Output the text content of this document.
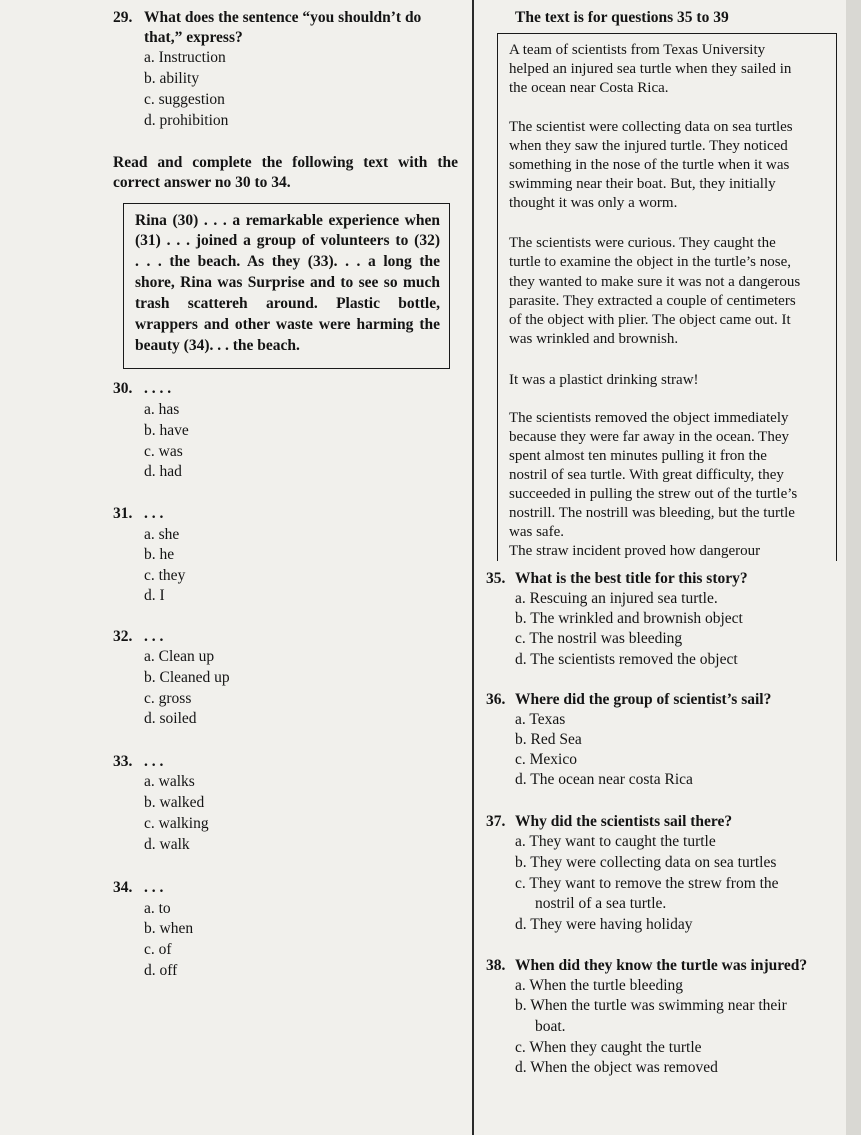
29. What does the sentence “you shouldn’t do
that,” express?
a. Instruction
b. ability
c. suggestion
d. prohibition
Read and complete the following text with the
correct answer no 30 to 34.
Rina (30) . . . a remarkable experience when
(31) . . . joined a group of volunteers to (32)
. . . the beach. As they (33). . . a long the
shore, Rina was Surprise and to see so much
trash scattereh around. Plastic bottle,
wrappers and other waste were harming the
beauty (34). . . the beach.
30. . . . .
a. has
b. have
c. was
d. had
31. . . .
a. she
b. he
c. they
d. I
32. . . .
a. Clean up
b. Cleaned up
c. gross
d. soiled
33. . . .
a. walks
b. walked
c. walking
d. walk
34. . . .
a. to
b. when
c. of
d. off
The text is for questions 35 to 39
A team of scientists from Texas University
helped an injured sea turtle when they sailed in
the ocean near Costa Rica.
The scientist were collecting data on sea turtles
when they saw the injured turtle. They noticed
something in the nose of the turtle when it was
swimming near their boat. But, they initially
thought it was only a worm.
The scientists were curious. They caught the
turtle to examine the object in the turtle’s nose,
they wanted to make sure it was not a dangerous
parasite. They extracted a couple of centimeters
of the object with plier. The object came out. It
was wrinkled and brownish.
It was a plastict drinking straw!
The scientists removed the object immediately
because they were far away in the ocean. They
spent almost ten minutes pulling it fron the
nostril of sea turtle. With great difficulty, they
succeeded in pulling the strew out of the turtle’s
nostrill. The nostrill was bleeding, but the turtle
was safe.
The straw incident proved how dangerour
35. What is the best title for this story?
a. Rescuing an injured sea turtle.
b. The wrinkled and brownish object
c. The nostril was bleeding
d. The scientists removed the object
36. Where did the group of scientist’s sail?
a. Texas
b. Red Sea
c. Mexico
d. The ocean near costa Rica
37. Why did the scientists sail there?
a. They want to caught the turtle
b. They were collecting data on sea turtles
c. They want to remove the strew from the
nostril of a sea turtle.
d. They were having holiday
38. When did they know the turtle was injured?
a. When the turtle bleeding
b. When the turtle was swimming near their
boat.
c. When they caught the turtle
d. When the object was removed
